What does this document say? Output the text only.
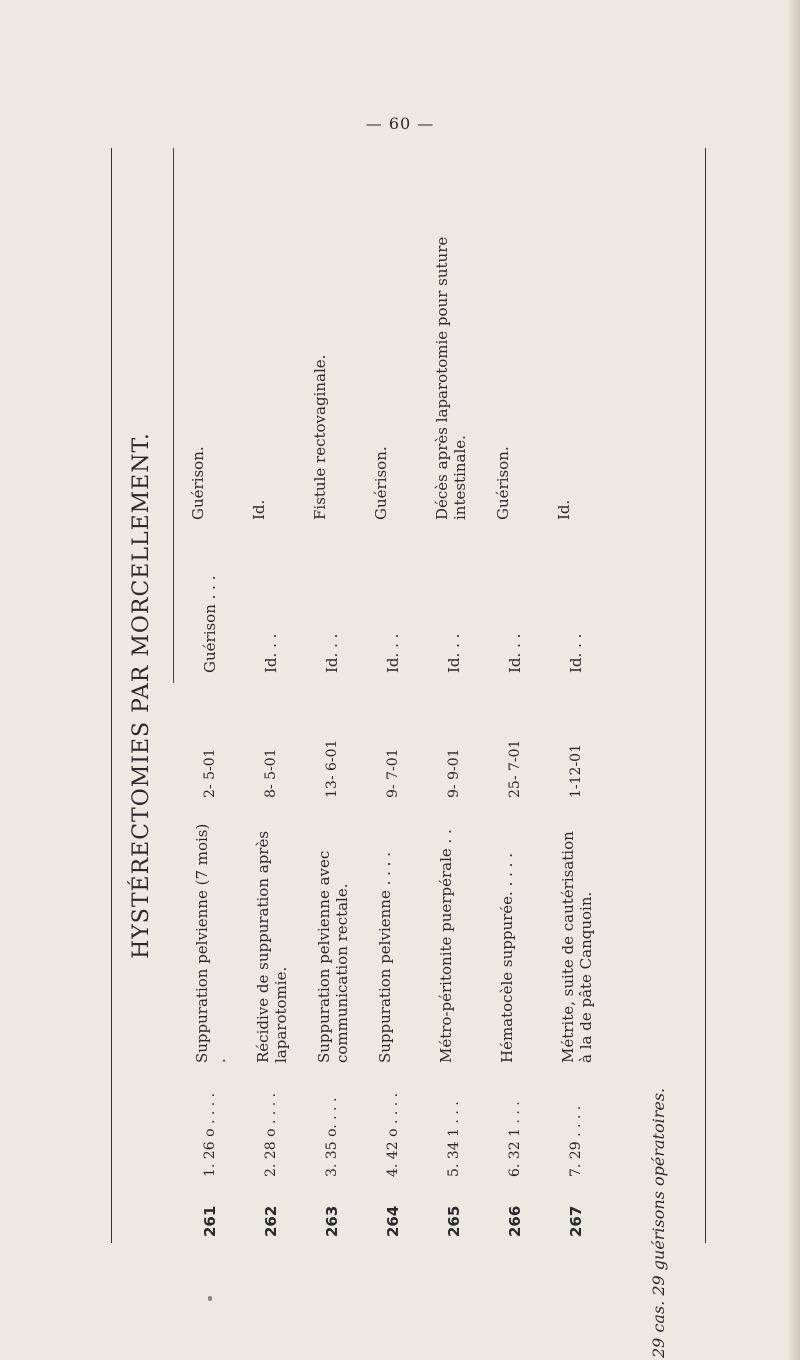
— 60 —
HYSTÉRECTOMIES PAR MORCELLEMENT.
261
1. 26 o . . . .
Suppuration pelvienne (7 mois) .
2- 5-01
Guérison . . .
Guérison.
262
2. 28 o . . . .
Récidive de suppuration après laparotomie.
8- 5-01
Id. . .
Id.
263
3. 35 o. . . .
Suppuration pelvienne avec communication rectale.
13- 6-01
Id. . .
Fistule rectovaginale.
264
4. 42 o . . . .
Suppuration pelvienne . . . .
9- 7-01
Id. . .
Guérison.
265
5. 34 1 . . .
Métro-péritonite puerpérale . .
9- 9-01
Id. . .
Décès après laparotomie pour suture intestinale.
266
6. 32 1 . . .
Hématocèle suppurée. . . . .
25- 7-01
Id. . .
Guérison.
267
7. 29 . . . .
Métrite, suite de cautérisation à la de pâte Canquoin.
1-12-01
Id. . .
Id.
29 cas. 29 guérisons opératoires.
